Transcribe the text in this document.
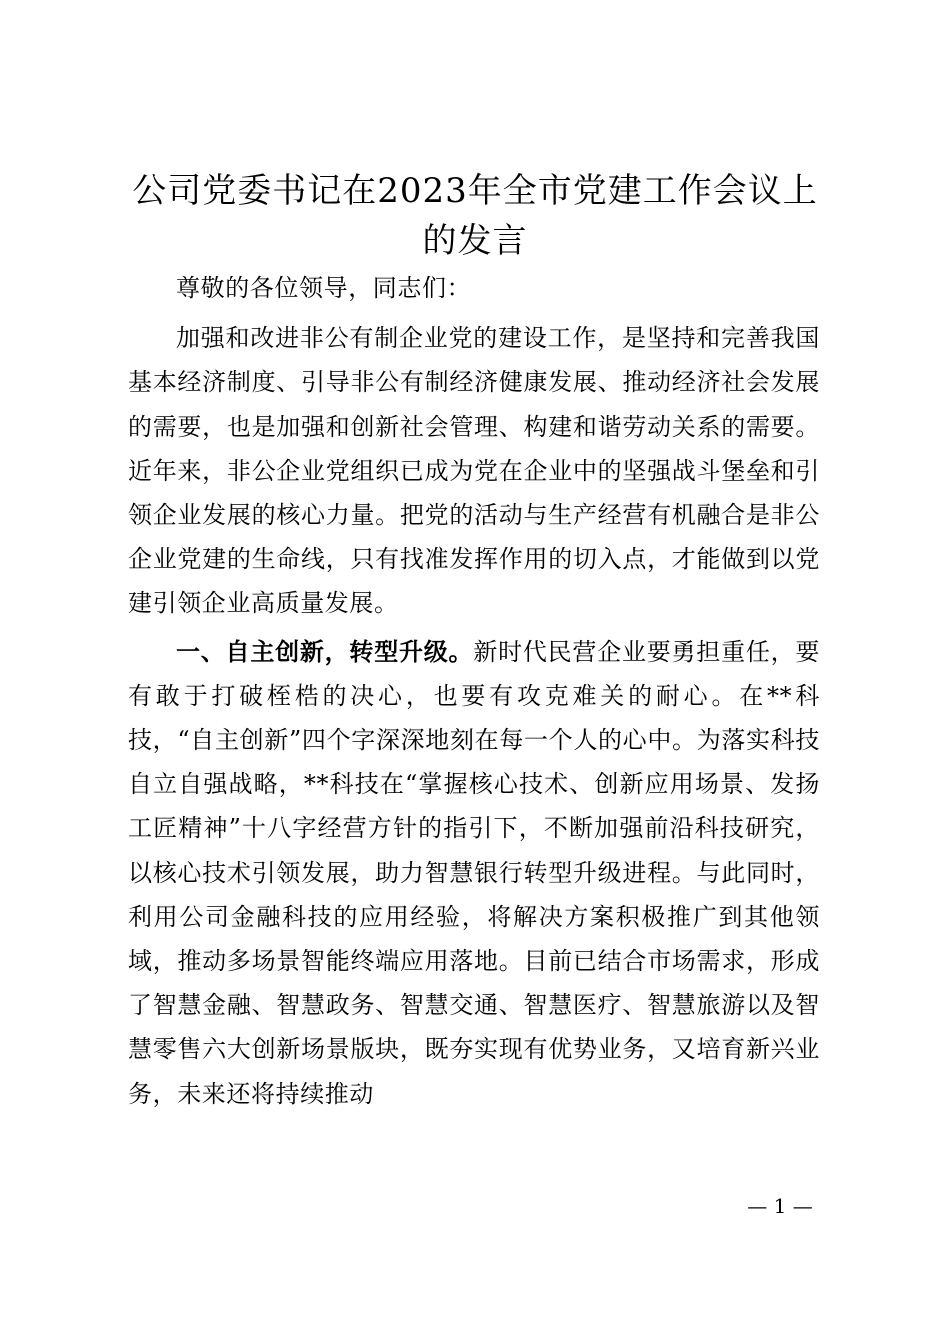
公司党委书记在2023年全市党建工作会议上的发言

尊敬的各位领导，同志们：

加强和改进非公有制企业党的建设工作，是坚持和完善我国基本经济制度、引导非公有制经济健康发展、推动经济社会发展的需要，也是加强和创新社会管理、构建和谐劳动关系的需要。近年来，非公企业党组织已成为党在企业中的坚强战斗堡垒和引领企业发展的核心力量。把党的活动与生产经营有机融合是非公企业党建的生命线，只有找准发挥作用的切入点，才能做到以党建引领企业高质量发展。

一、自主创新，转型升级。新时代民营企业要勇担重任，要有敢于打破桎梏的决心，也要有攻克难关的耐心。在**科技，“自主创新”四个字深深地刻在每一个人的心中。为落实科技自立自强战略，**科技在“掌握核心技术、创新应用场景、发扬工匠精神”十八字经营方针的指引下，不断加强前沿科技研究，以核心技术引领发展，助力智慧银行转型升级进程。与此同时，利用公司金融科技的应用经验，将解决方案积极推广到其他领域，推动多场景智能终端应用落地。目前已结合市场需求，形成了智慧金融、智慧政务、智慧交通、智慧医疗、智慧旅游以及智慧零售六大创新场景版块，既夯实现有优势业务，又培育新兴业务，未来还将持续推动

— 1 —
